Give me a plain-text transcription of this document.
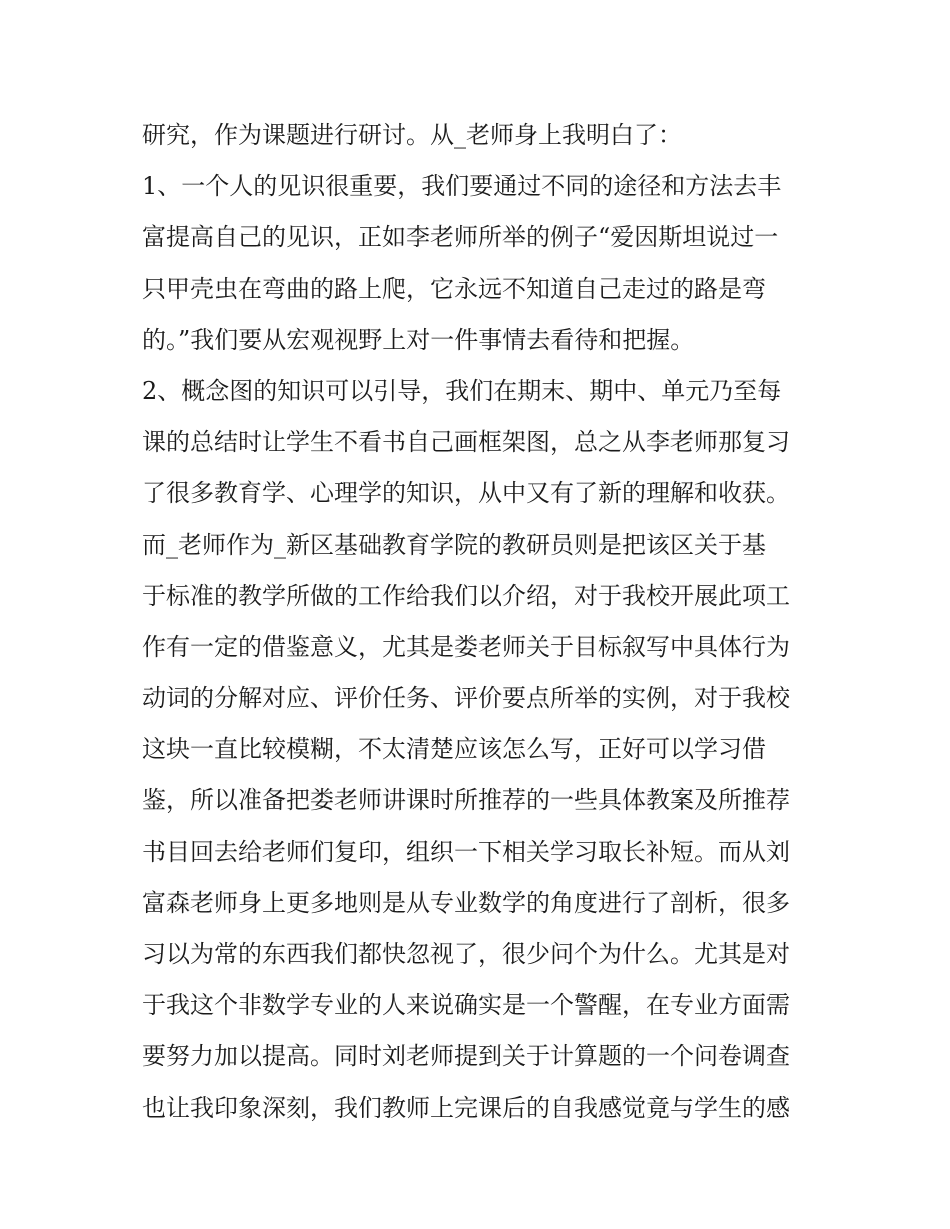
研究，作为课题进行研讨。从_老师身上我明白了：
1、一个人的见识很重要，我们要通过不同的途径和方法去丰
富提高自己的见识，正如李老师所举的例子“爱因斯坦说过一
只甲壳虫在弯曲的路上爬，它永远不知道自己走过的路是弯
的。”我们要从宏观视野上对一件事情去看待和把握。
2、概念图的知识可以引导，我们在期末、期中、单元乃至每
课的总结时让学生不看书自己画框架图，总之从李老师那复习
了很多教育学、心理学的知识，从中又有了新的理解和收获。
而_老师作为_新区基础教育学院的教研员则是把该区关于基
于标准的教学所做的工作给我们以介绍，对于我校开展此项工
作有一定的借鉴意义，尤其是娄老师关于目标叙写中具体行为
动词的分解对应、评价任务、评价要点所举的实例，对于我校
这块一直比较模糊，不太清楚应该怎么写，正好可以学习借
鉴，所以准备把娄老师讲课时所推荐的一些具体教案及所推荐
书目回去给老师们复印，组织一下相关学习取长补短。而从刘
富森老师身上更多地则是从专业数学的角度进行了剖析，很多
习以为常的东西我们都快忽视了，很少问个为什么。尤其是对
于我这个非数学专业的人来说确实是一个警醒，在专业方面需
要努力加以提高。同时刘老师提到关于计算题的一个问卷调查
也让我印象深刻，我们教师上完课后的自我感觉竟与学生的感
